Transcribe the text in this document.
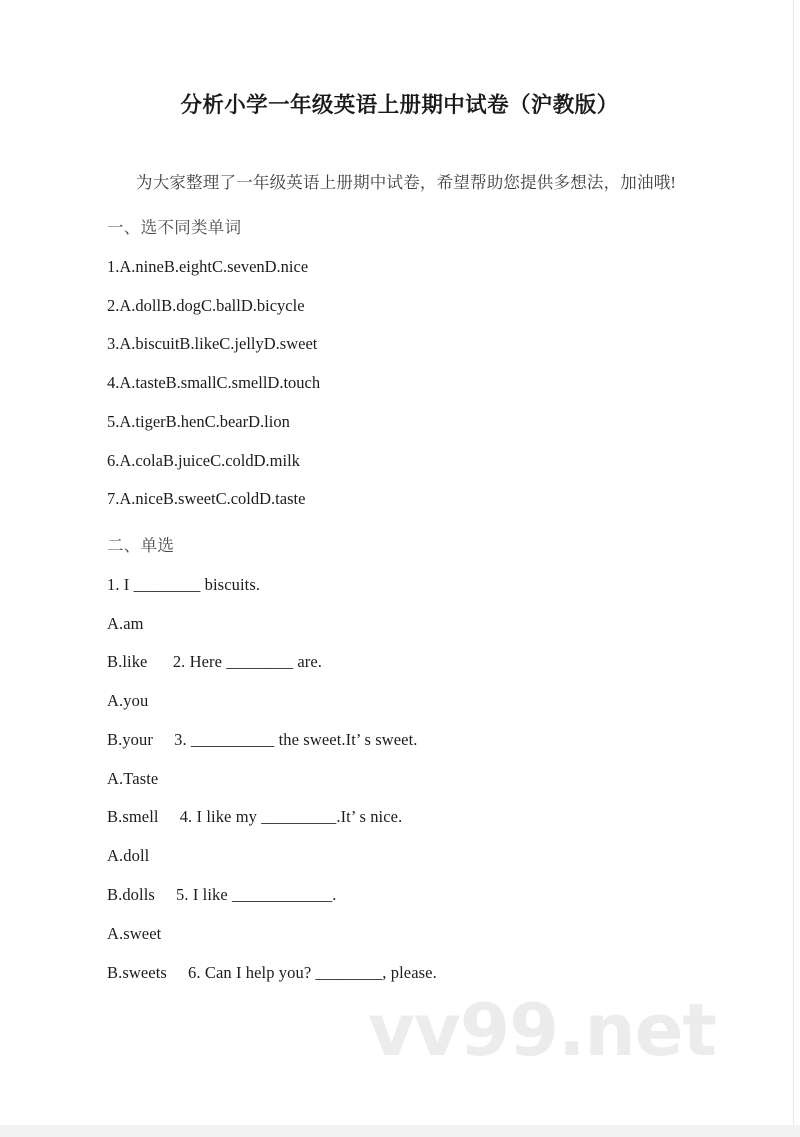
vv99.net
分析小学一年级英语上册期中试卷（沪教版）

为大家整理了一年级英语上册期中试卷，希望帮助您提供多想法，加油哦!

一、选不同类单词

1.A.nineB.eightC.sevenD.nice

2.A.dollB.dogC.ballD.bicycle

3.A.biscuitB.likeC.jellyD.sweet

4.A.tasteB.smallC.smellD.touch

5.A.tigerB.henC.bearD.lion

6.A.colaB.juiceC.coldD.milk

7.A.niceB.sweetC.coldD.taste

二、单选

1. I ________ biscuits.

A.am

B.like      2. Here ________ are.

A.you

B.your     3. __________ the sweet.It’ s sweet.

A.Taste

B.smell     4. I like my _________.It’ s nice.

A.doll

B.dolls     5. I like ____________.

A.sweet

B.sweets     6. Can I help you? ________, please.
